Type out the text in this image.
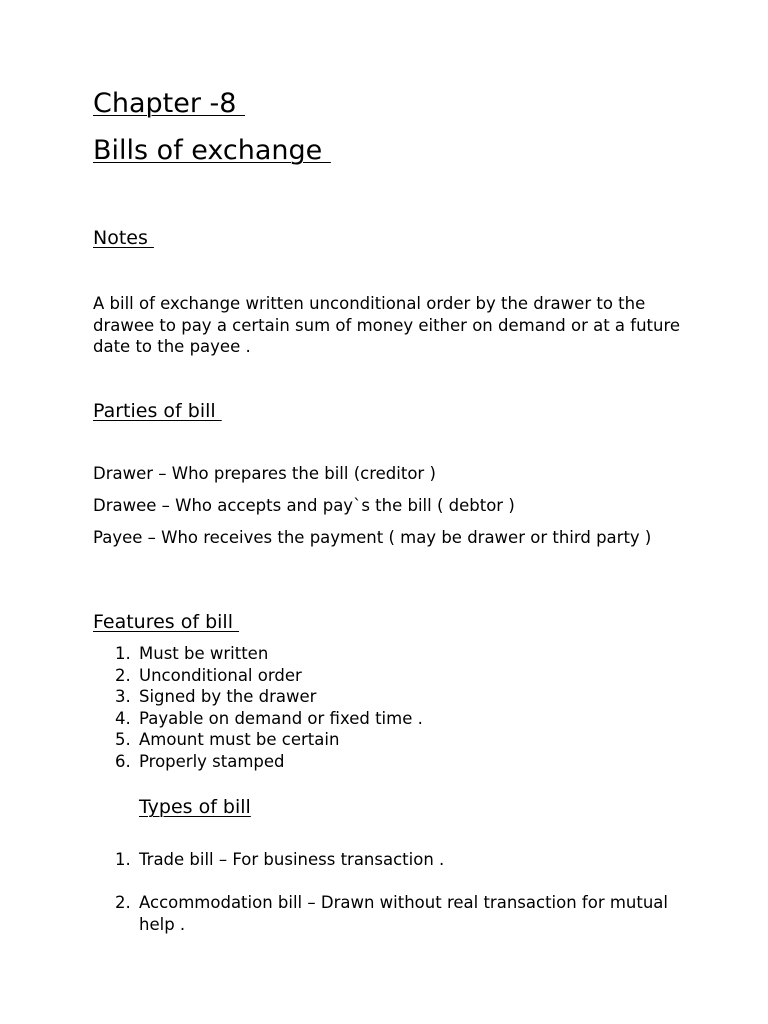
Chapter -8
Bills of exchange
Notes

A bill of exchange written unconditional order by the drawer to the drawee to pay a certain sum of money either on demand or at a future date to the payee .

Parties of bill

Drawer – Who prepares the bill (creditor )

Drawee – Who accepts and pay`s the bill ( debtor )

Payee – Who receives the payment ( may be drawer or third party )

Features of bill
1. Must be written
2. Unconditional order
3. Signed by the drawer
4. Payable on demand or fixed time .
5. Amount must be certain
6. Properly stamped
Types of bill
1. Trade bill – For business transaction .
2. Accommodation bill – Drawn without real transaction for mutual help .
